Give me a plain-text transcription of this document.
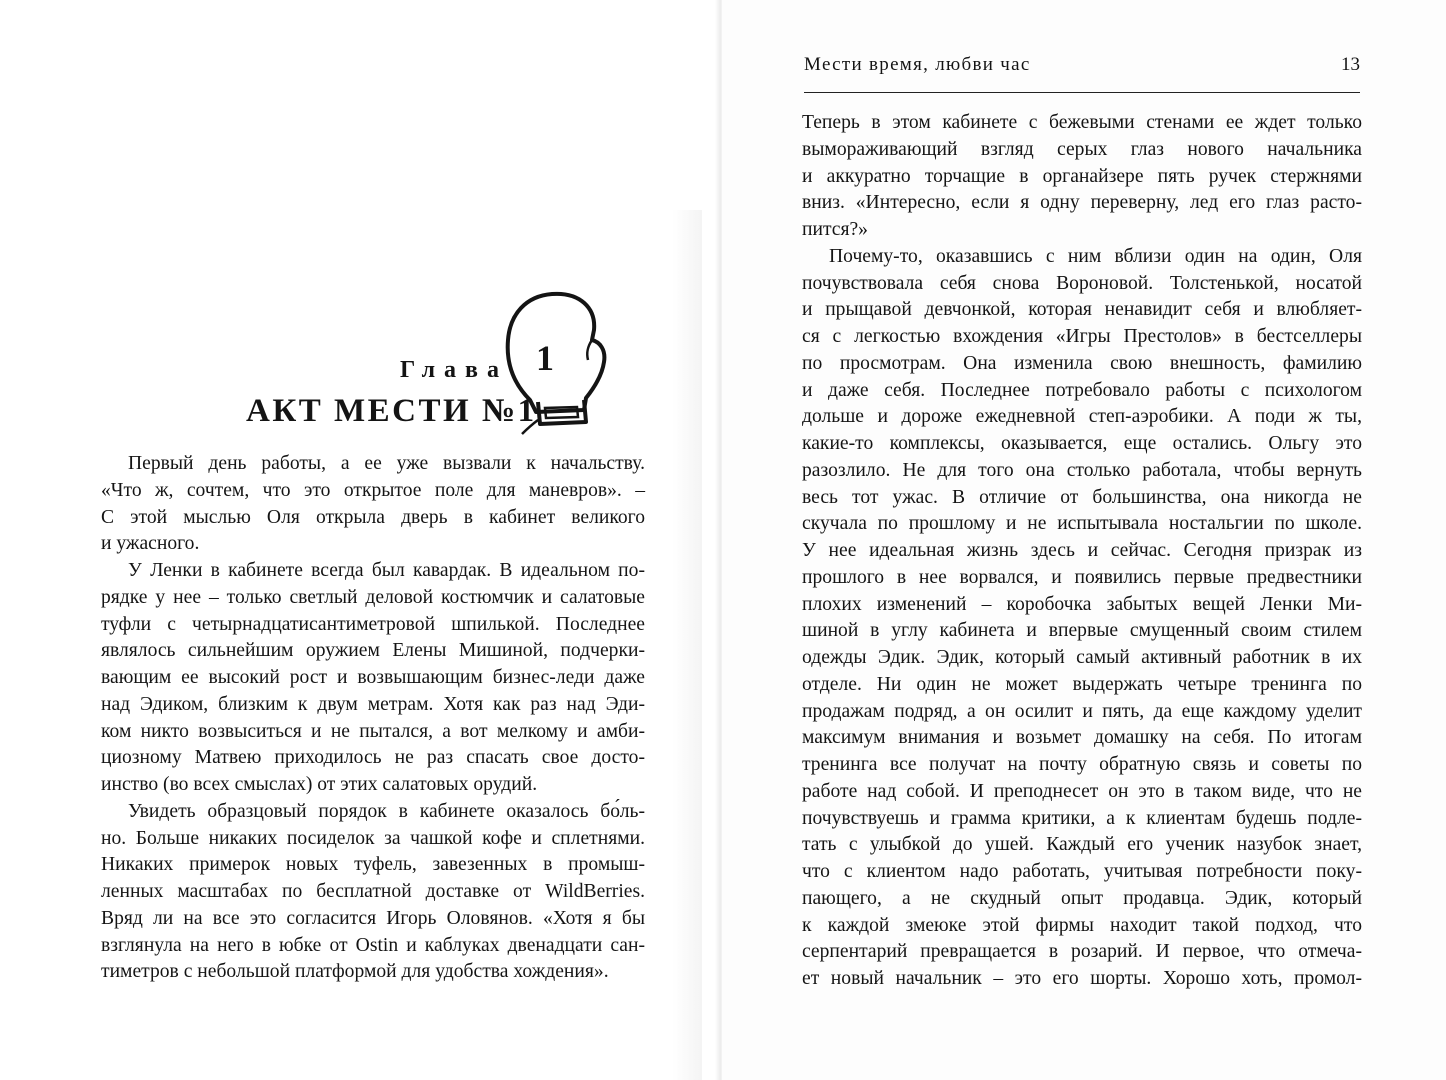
Глава
АКТ МЕСТИ №1
1
Первый день работы, а ее уже вызвали к начальству.
«Что ж, сочтем, что это открытое поле для маневров». –
С этой мыслью Оля открыла дверь в кабинет великого
и ужасного.
У Ленки в кабинете всегда был кавардак. В идеальном по-
рядке у нее – только светлый деловой костюмчик и салатовые
туфли с четырнадцатисантиметровой шпилькой. Последнее
являлось сильнейшим оружием Елены Мишиной, подчерки-
вающим ее высокий рост и возвышающим бизнес-леди даже
над Эдиком, близким к двум метрам. Хотя как раз над Эди-
ком никто возвыситься и не пытался, а вот мелкому и амби-
циозному Матвею приходилось не раз спасать свое досто-
инство (во всех смыслах) от этих салатовых орудий.
Увидеть образцовый порядок в кабинете оказалось бо́ль-
но. Больше никаких посиделок за чашкой кофе и сплетнями.
Никаких примерок новых туфель, завезенных в промыш-
ленных масштабах по бесплатной доставке от WildBerries.
Вряд ли на все это согласится Игорь Оловянов. «Хотя я бы
взглянула на него в юбке от Ostin и каблуках двенадцати сан-
тиметров с небольшой платформой для удобства хождения».
Мести время, любви час	13
Теперь в этом кабинете с бежевыми стенами ее ждет только
вымораживающий взгляд серых глаз нового начальника
и аккуратно торчащие в органайзере пять ручек стержнями
вниз. «Интересно, если я одну переверну, лед его глаз расто-
пится?»
Почему-то, оказавшись с ним вблизи один на один, Оля
почувствовала себя снова Вороновой. Толстенькой, носатой
и прыщавой девчонкой, которая ненавидит себя и влюбляет-
ся с легкостью вхождения «Игры Престолов» в бестселлеры
по просмотрам. Она изменила свою внешность, фамилию
и даже себя. Последнее потребовало работы с психологом
дольше и дороже ежедневной степ-аэробики. А поди ж ты,
какие-то комплексы, оказывается, еще остались. Ольгу это
разозлило. Не для того она столько работала, чтобы вернуть
весь тот ужас. В отличие от большинства, она никогда не
скучала по прошлому и не испытывала ностальгии по школе.
У нее идеальная жизнь здесь и сейчас. Сегодня призрак из
прошлого в нее ворвался, и появились первые предвестники
плохих изменений – коробочка забытых вещей Ленки Ми-
шиной в углу кабинета и впервые смущенный своим стилем
одежды Эдик. Эдик, который самый активный работник в их
отделе. Ни один не может выдержать четыре тренинга по
продажам подряд, а он осилит и пять, да еще каждому уделит
максимум внимания и возьмет домашку на себя. По итогам
тренинга все получат на почту обратную связь и советы по
работе над собой. И преподнесет он это в таком виде, что не
почувствуешь и грамма критики, а к клиентам будешь подле-
тать с улыбкой до ушей. Каждый его ученик назубок знает,
что с клиентом надо работать, учитывая потребности поку-
пающего, а не скудный опыт продавца. Эдик, который
к каждой змеюке этой фирмы находит такой подход, что
серпентарий превращается в розарий. И первое, что отмеча-
ет новый начальник – это его шорты. Хорошо хоть, промол-
